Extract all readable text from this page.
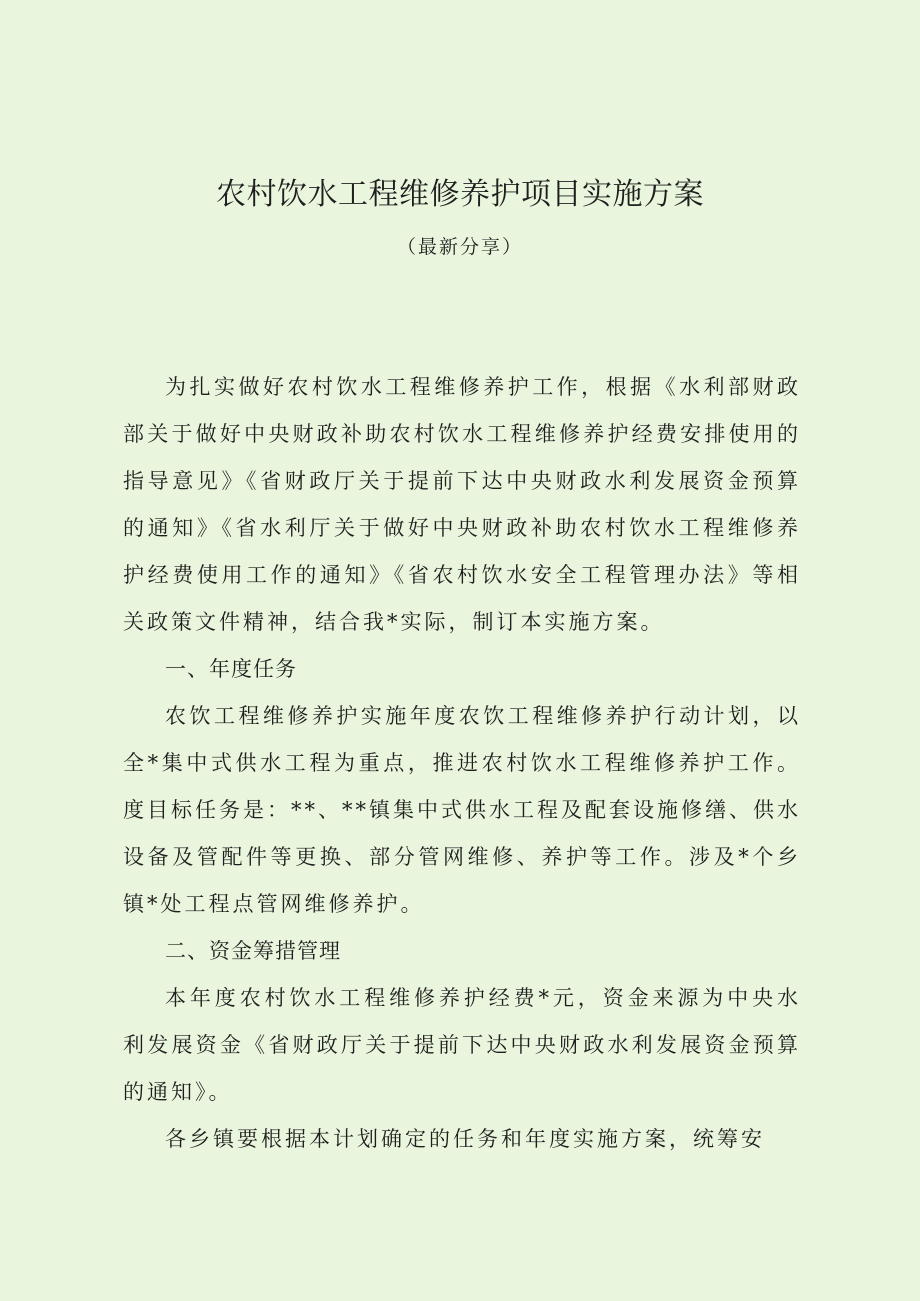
农村饮水工程维修养护项目实施方案
（最新分享）

为扎实做好农村饮水工程维修养护工作，根据《水利部财政部关于做好中央财政补助农村饮水工程维修养护经费安排使用的指导意见》《省财政厅关于提前下达中央财政水利发展资金预算的通知》《省水利厅关于做好中央财政补助农村饮水工程维修养护经费使用工作的通知》《省农村饮水安全工程管理办法》等相关政策文件精神，结合我*实际，制订本实施方案。

一、年度任务

农饮工程维修养护实施年度农饮工程维修养护行动计划，以全*集中式供水工程为重点，推进农村饮水工程维修养护工作。度目标任务是：**、**镇集中式供水工程及配套设施修缮、供水设备及管配件等更换、部分管网维修、养护等工作。涉及*个乡镇*处工程点管网维修养护。

二、资金筹措管理

本年度农村饮水工程维修养护经费*元，资金来源为中央水利发展资金《省财政厅关于提前下达中央财政水利发展资金预算的通知》。

各乡镇要根据本计划确定的任务和年度实施方案，统筹安
